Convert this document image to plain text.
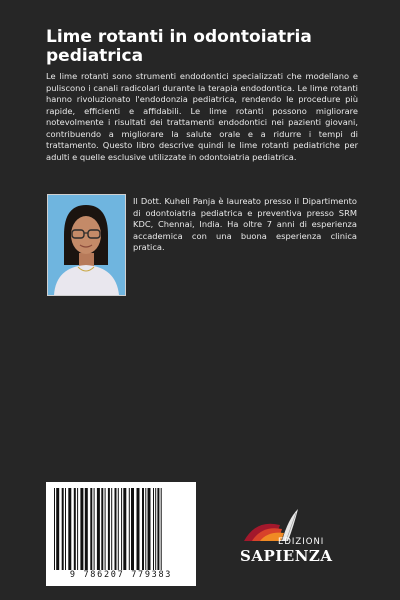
Lime rotanti in odontoiatria pediatrica
Le lime rotanti sono strumenti endodontici specializzati che modellano e puliscono i canali radicolari durante la terapia endodontica. Le lime rotanti hanno rivoluzionato l'endodonzia pediatrica, rendendo le procedure più rapide, efficienti e affidabili. Le lime rotanti possono migliorare notevolmente i risultati dei trattamenti endodontici nei pazienti giovani, contribuendo a migliorare la salute orale e a ridurre i tempi di trattamento. Questo libro descrive quindi le lime rotanti pediatriche per adulti e quelle esclusive utilizzate in odontoiatria pediatrica.
Il Dott. Kuheli Panja è laureato presso il Dipartimento di odontoiatria pediatrica e preventiva presso SRM KDC, Chennai, India. Ha oltre 7 anni di esperienza accademica con una buona esperienza clinica pratica.
9 786207 779383
EDIZIONI
SAPIENZA
